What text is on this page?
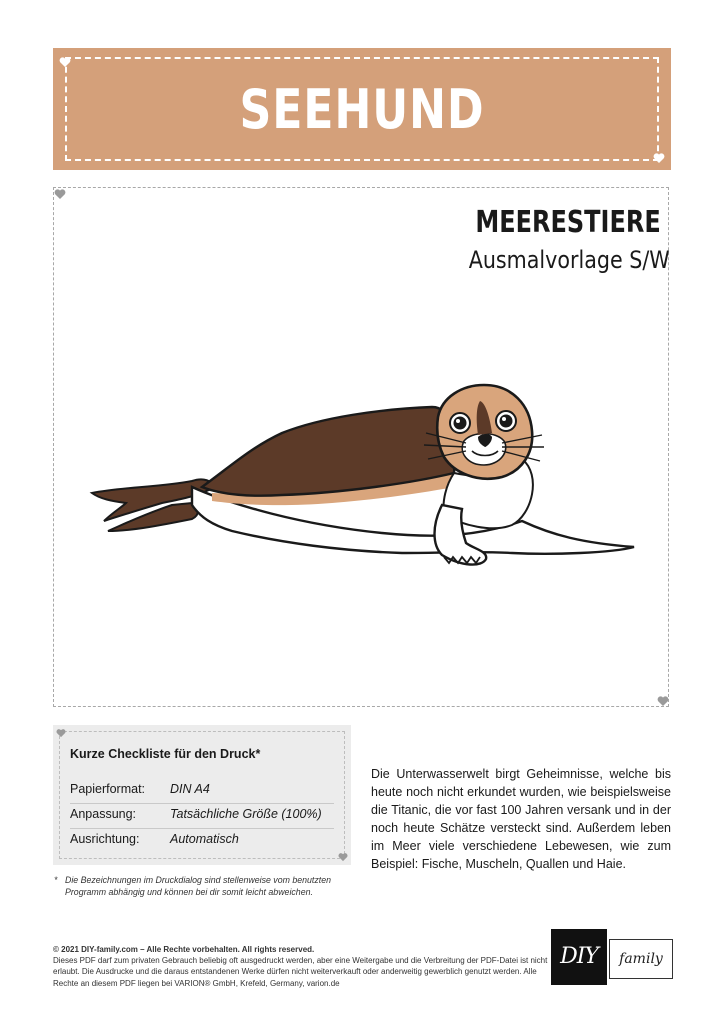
SEEHUND
MEERESTIERE
Ausmalvorlage S/W
Kurze Checkliste für den Druck*
Papierformat: DIN A4
Anpassung:	Tatsächliche Größe (100%)
Ausrichtung: Automatisch
* Die Bezeichnungen im Druckdialog sind stellenweise vom benutzten Programm abhängig und können bei dir somit leicht abweichen.
Die Unterwasserwelt birgt Geheimnisse, welche bis heute noch nicht erkundet wurden, wie beispielsweise die Titanic, die vor fast 100 Jahren versank und in der noch heute Schätze versteckt sind. Außerdem leben im Meer viele verschiedene Lebewesen, wie zum Beispiel: Fische, Muscheln, Quallen und Haie.
© 2021 DIY-family.com – Alle Rechte vorbehalten. All rights reserved.
Dieses PDF darf zum privaten Gebrauch beliebig oft ausgedruckt werden, aber eine Weitergabe und die Verbreitung der PDF-Datei ist nicht erlaubt. Die Ausdrucke und die daraus entstandenen Werke dürfen nicht weiterverkauft oder anderweitig gewerblich genutzt werden. Alle Rechte an diesem PDF liegen bei VARION® GmbH, Krefeld, Germany, varion.de
DIY	family
